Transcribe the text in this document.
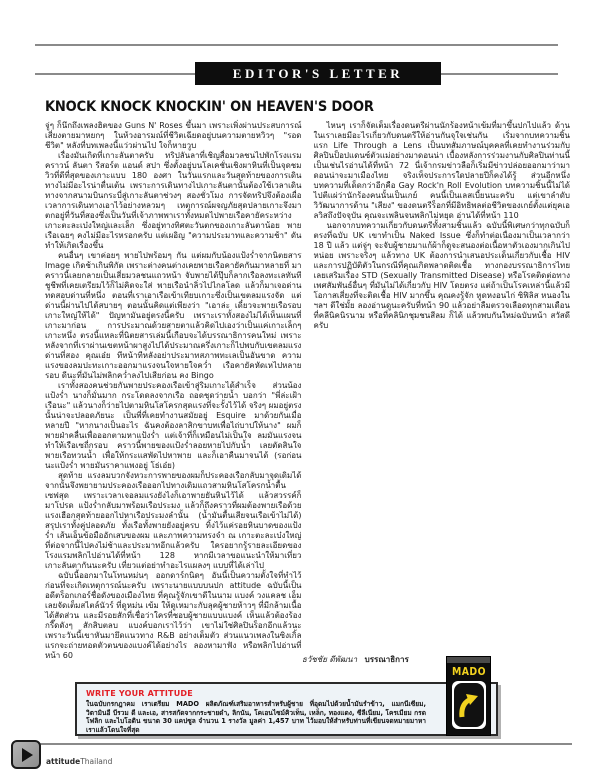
EDITOR'S LETTER
KNOCK KNOCK KNOCKIN' ON HEAVEN'S DOOR

จู่ๆ ก็นึกถึงเพลงฮิตของ Guns N' Roses ขึ้นมา เพราะเพิ่งผ่านประสบการณ์เสี่ยงตายมาหยกๆ ในห้วงอารมณ์ที่ชีวิตเฉียดอยู่บนความตายหวิวๆ "รอดชีวิต" หลังที่บทเพลงนี้แว่วผ่านไป ใจก็หายวูบ

เรื่องมันเกิดที่เกาะลันตาครับ ทริปลันลาที่เชิญสื่อมวลชนไปพักโรงแรมคราวน์ ลันตา รีสอร์ต แอนด์ สปา ซึ่งตั้งอยู่บนโลเคชั่นเชิงผาหินที่เป็นจุดชมวิวที่ดีที่สุดของเกาะแบบ 180 องศา ในวันแรกและวันสุดท้ายของการเดินทางไม่มีอะไรน่าตื่นเต้น เพราะการเดินทางไปเกาะลันตานั้นต้องใช้เวลาเดินทางจากสนามบินกระบี่สู่เกาะลันตาช่วงๆ สองชั่วโมง การจัดทริปจึงต้องเผื่อเวลาการเดินทางเอาไว้อย่างหลวมๆ เหตุการณ์ผจญภัยสุดปลายเกาะจึงมาตกอยู่ที่วันที่สองซึ่งเป็นวันที่เจ้าภาพพาเราทั้งหมดไปพายเรือคายัคระหว่างเกาะตะละเบ๋งใหญ่และเล็ก ซึ่งอยู่ทางทิศตะวันตกของเกาะลันตาน้อย พายเรือเฉยๆ คงไม่มีอะไรหรอกครับ แต่เผอิญ "ความประมาทและความช้า" ดันทำให้เกิดเรื่องขึ้น

คนอื่นๆ เขาค่อยๆ พายไปพร้อมๆ กัน แต่ผมกับน้องแป้งร่ำจากนิตยสาร Image เกิดช้าเกินพิกัด เพราะต่างคนต่างเคยพายเรือคายัคกันมาหลายที่ มาคราวนี้เลยกลายเป็นเสี่ยมวลชนแถวหน้า จับพายได้ปุ๊บก็ลากเรือลงทะเลทันที ชูชีพที่เคยเตรียมไว้ก็ไม่คิดจะใส่ พายเรือนำลิ่วไปไกลโลด แล้วก็มาเจอด่านทดสอบด่านที่หนึ่ง ตอนที่เราเอาเรือเข้าเทียบเกาะซึ่งเป็นเขตลมแรงจัด แต่ด่านนี้ผ่านไปได้สบายๆ ตอนนั้นคิดแต่เพียงว่า "เอาล่ะ เดี๋ยวจะพายเรือรอบเกาะใหญ่ให้ได้" ปัญหามันอยู่ตรงนี้ครับ เพราะเราทั้งสองไม่ได้เห็นแผนที่เกาะมาก่อน การประมาณด้วยสายตาแล้วคิดไปเองว่าเป็นแค่เกาะเล็กๆ เกาะหนึ่ง ตรงนี้แหละที่นิตยสารเล่มนี้เกือบจะได้บรรณาธิการคนใหม่ เพราะหลังจากที่เราผ่านเขตหน้าผาสูงไปได้ประมาณครึ่งเกาะก็ไปพบกับเขตลมแรงด่านที่สอง คุณเอ๋ย ทีหน้าทีหลังอย่าประมาทสภาพทะเลเป็นอันขาด ความแรงของลมปะทะเกาะออกมาแรงจนใจหายใจคว่ำ เรือคายัคหัดเหไปหลายรอบ ดีนะที่มันไม่พลิกคว่ำลงไปเสียก่อน คง Bingo

เราทั้งสองคนช่วยกันพายประคองเรือเข้าสู่ริมเกาะได้สำเร็จ ส่วนน้องแป้งร่ำ นางก็มั่นมาก กระโดดลงจากเรือ ถอดชุดว่ายน้ำ บอกว่า "พี่ล่ะเฝ้าเรือนะ" แล้วนางก็ว่ายไปตามหินโสโครกสุดแรงที่จะรั้งไว้ได้ จริงๆ ผมอยู่ตรงนั้นน่าจะปลอดภัยนะ เป็นพี่ที่เคยทำงานสมัยอยู่ Esquire มาด้วยกันเมื่อหลายปี "หากนางเป็นอะไร ฉันคงต้องลาสิกขาบทเพื่อไถ่บาปให้นาง" ผมก็พายฝ่าคลื่นเพื่อออกตามหาแป้งร่ำ แต่เจ้าที่ก็เหมือนไม่เป็นใจ ลมมันแรงจนทำให้เรือเซถี่กรอบ คราวนี้พายของแป้งร่ำลอยหายไปกับน้ำ เลยตัดสินใจพายเรือทวนน้ำ เพื่อให้กระแสพัดไปหาพาย และก็เอาคืนมาจนได้ (รอก่อนนะแป้งร่ำ พายมันราคาแพงอยู่ โธ่เอ๋ย)

สุดท้าย แรงลมบวกจังหวะการพายของผมก็ประคองเรือกลับมาจุดเดิมได้ จากนั้นจึงพยายามประคองเรือออกไปทางเดิมแถวสามหินโสโครกน้ำตื้น เซฟสุด เพราะเวลาเจอลมแรงยังไงก็เอาพายยันหินไว้ได้ แล้วสวรรค์ก็มาโปรด แป้งร่ำกลับมาพร้อมเรือประมง แล้วก็ถึงคราวที่ผมต้องพายเรือด้วยแรงเฮือกสุดท้ายออกไปหาเรือประมงลำนั้น (น้ำมันตื้นเสียจนเรือเข้าไม่ได้) สรุปเราทั้งคู่ปลอดภัย ทั้งเรือทั้งพายยังอยู่ครบ ทิ้งไว้แค่รอยหินบาดของแป้งร่ำ เส้นเอ็นข้อมืออักเสบของผม และภาพความทรงจำ ณ เกาะตะละเบ๋งใหญ่ ที่ต่อจากนี้ไปคงไม่ช้าและประมาทอีกแล้วครับ ใครอยากรู้รายละเอียดของโรงแรมพลิกไปอ่านได้ที่หน้า 128 หากมีเวลาขอแนะนำให้มาเที่ยวเกาะลันตากันนะครับ เที่ยวแต่อย่าทำอะไรแผลงๆ แบบที่ได้เล่าไป

ฉบับนี้ออกมาในโทนหม่นๆ ออกดาร์กนิดๆ อันนี้เป็นความตั้งใจที่ทำไว้ก่อนที่จะเกิดเหตุการณ์นะครับ เพราะนายแบบบนปก attitude ฉบับนี้เป็นอดีตร็อกเกอร์ชื่อดังของเมืองไทย ที่คุณรู้จักเขาดีในนาม แบงค์ วงแคลช เอ็มเลยจัดเต็มสไตล์นัวร์ ที่ดูหม่น เข้ม ให้ดูเหมาะกับลุคผู้ชายห้าวๆ ที่มีกล้ามเนื้อได้สัดส่วน และมีรอยสักที่เชื่อว่าใครที่ชอบผู้ชายแบบแบงค์ เห็นแล้วต้องร้องกรี๊ดดังๆ สักสิบตลบ แบงค์บอกเราไว้ว่า เขาไม่ใช่ศิลปินร็อกอีกแล้วนะ เพราะวันนี้เขาหันมายึดแนวทาง R&B อย่างเต็มตัว ส่วนแนวเพลงในซิงเกิ้ลแรกจะถ่ายทอดตัวตนของแบงค์ได้อย่างไร ลองหามาฟัง หรือพลิกไปอ่านที่หน้า 60

ไหนๆ เราก็จัดเต็มเรื่องดนตรีผ่านนักร้องหน้าเข้มที่มาขึ้นปกไปแล้ว ด้านในเราเลยมีอะไรเกี่ยวกับดนตรีให้อ่านกันจุใจเช่นกัน เริ่มจากบทความชิ้นแรก Life Through a Lens เป็นบทสัมภาษณ์บุคคลที่เคยทำงานร่วมกับศิลปินป็อปแดนซ์ตัวแม่อย่างมาดอนน่า เบื้องหลังการร่วมงานกับศิลปินท่านนี้เป็นเช่นไรอ่านได้ที่หน้า 72 นี่เจ้ากรมข่าวลือก็เริ่มมีข่าวปล่อยออกมาว่ามาดอนน่าจะมาเมืองไทย จริงเท็จประการใดปลายปีก็คงได้รู้ ส่วนอีกหนึ่งบทความที่เด็ดกว่าอีกคือ Gay Rock'n Roll Evolution บทความชิ้นนี้ไม่ได้ไปตีแผ่ว่านักร้องคนนั้นเป็นเกย์ คนนี้เป็นเลสเบี้ยนนะครับ แต่เขาลำดับวิวัฒนาการด้าน "เสียง" ของดนตรีร็อกที่มีอิทธิพลต่อชีวิตของเกย์ตั้งแต่ยุคเอลวิสถึงปัจจุบัน คุณจะเพลินจนพลิกไม่หยุด อ่านได้ที่หน้า 110

นอกจากบทความเกี่ยวกับดนตรีทั้งสามชิ้นแล้ว ฉบับนี้พิเศษกว่าทุกฉบับก็ตรงที่ฉบับ UK เขาทำเป็น Naked Issue ซึ่งก็ทำต่อเนื่องมาเป็นเวลากว่า 18 ปี แล้ว แต่จู่ๆ จะจับผู้ชายมาแก้ผ้าก็ดูจะสนองต่อเนื้อหาตัวเองมากเกินไปหน่อย เพราะจริงๆ แล้วทาง UK ต้องการนำเสนอประเด็นเกี่ยวกับเชื้อ HIV และการปฏิบัติตัวในกรณีที่คุณเกิดพลาดติดเชื้อ ทางกองบรรณาธิการไทยเลยเสริมเรื่อง STD (Sexually Transmitted Disease) หรือโรคติดต่อทางเพศสัมพันธ์อื่นๆ ที่มันไม่ได้เกี่ยวกับ HIV โดยตรง แต่ถ้าเป็นโรคเหล่านี้แล้วมีโอกาสเสี่ยงที่จะติดเชื้อ HIV มากขึ้น คุณคงรู้จัก หูดหงอนไก่ ซิฟิลิส หนองใน ฯลฯ ดีใช่มั้ย ลองอ่านดูนะครับที่หน้า 90 แล้วอย่าลืมตรวจเลือดทุกสามเดือนที่คลีนิคนิรนาม หรือที่คลินิกชุมชนสีลม ก็ได้ แล้วพบกันใหม่ฉบับหน้า สวัสดีครับ

ธวัชชัย ดีพัฒนา บรรณาธิการ
WRITE YOUR ATTITUDE
ในฉบับกรกฎาคม เราเตรียม MADO ผลิตภัณฑ์เสริมอาหารสำหรับผู้ชาย ที่อุดมไปด้วยน้ำมันรำข้าว, แมกนีเซียม, วิตามินอี บีรวม ดี และเอ, สารสกัดจากกระชายดำ, ลิกนัน, โคเอนไซม์คิวเท็น, เหล็ก, ทองแดง, ซีลีเนียม, โครเมียม กรดโฟลิก และไบโอติน ขนาด 30 แคปซูล จำนวน 1 รางวัล มูลค่า 1,457 บาท ไว้มอบให้สำหรับท่านที่เขียนจดหมายมาหาเราแล้วโดนใจที่สุด
MADO
attitudeThailand
